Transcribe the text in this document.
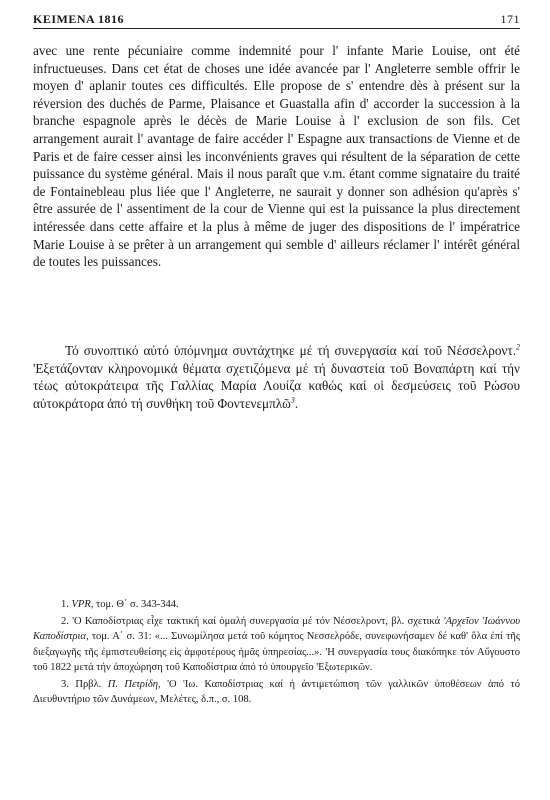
ΚΕΙΜΕΝΑ 1816	171

avec une rente pécuniaire comme indemnité pour l' infante Marie Louise, ont été infructueuses. Dans cet état de choses une idée avancée par l' Angleterre semble offrir le moyen d' aplanir toutes ces difficultés. Elle propose de s' entendre dès à présent sur la réversion des duchés de Parme, Plaisance et Guastalla afin d' accorder la succession à la branche espagnole après le décès de Marie Louise à l' exclusion de son fils. Cet arrangement aurait l' avantage de faire accéder l' Espagne aux transactions de Vienne et de Paris et de faire cesser ainsi les inconvénients graves qui résultent de la séparation de cette puissance du système général. Mais il nous paraît que v.m. étant comme signataire du traité de Fontainebleau plus liée que l' Angleterre, ne saurait y donner son adhésion qu'après s' être assurée de l' assentiment de la cour de Vienne qui est la puissance la plus directement intéressée dans cette affaire et la plus à même de juger des dispositions de l' impératrice Marie Louise à se prêter à un arrangement qui semble d' ailleurs réclamer l' intérêt général de toutes les puissances.

Τό συνοπτικό αὐτό ὑπόμνημα συντάχτηκε μέ τή συνεργασία καί τοῦ Νέσσελροντ.$^2$ 'Εξετάζονταν κληρονομικά θέματα σχετιζόμενα μέ τή δυναστεία τοῦ Βοναπάρτη καί τήν τέως αὐτοκράτειρα τῆς Γαλλίας Μαρία Λουίζα καθώς καί οἱ δεσμεύσεις τοῦ Ρώσου αὐτοκράτορα ἀπό τή συνθήκη τοῦ Φοντενεμπλῶ$^3$.

1. VPR, τομ. Θ΄ σ. 343-344.

2. 'Ο Καποδίστριας εἶχε τακτική καί ὁμαλή συνεργασία μέ τόν Νέσσελροντ, βλ. σχετικά 'Αρχεῖον 'Ιωάννου Καποδίστρια, τομ. Α΄ σ. 31: «... Συνωμίλησα μετά τοῦ κόμητος Νεσσελρόδε, συνεφωνήσαμεν δέ καθ' ὅλα ἐπί τῆς διεξαγωγῆς τῆς ἐμπιστευθείσης εἰς ἀμφοτέρους ἡμᾶς ὑπηρεσίας...». 'Η συνεργασία τους διακόπηκε τόν Αὔγουστο τοῦ 1822 μετά τήν ἀποχώρηση τοῦ Καποδίστρια ἀπό τό ὑπουργεῖο 'Εξωτερικῶν.

3. Πρβλ. Π. Πετρίδη, 'Ο 'Ιω. Καποδίστριας καί ἡ ἀντιμετώπιση τῶν γαλλικῶν ὑποθέσεων ἀπό τό Διευθυντήριο τῶν Δυνάμεων, Μελέτες, δ.π., σ. 108.
